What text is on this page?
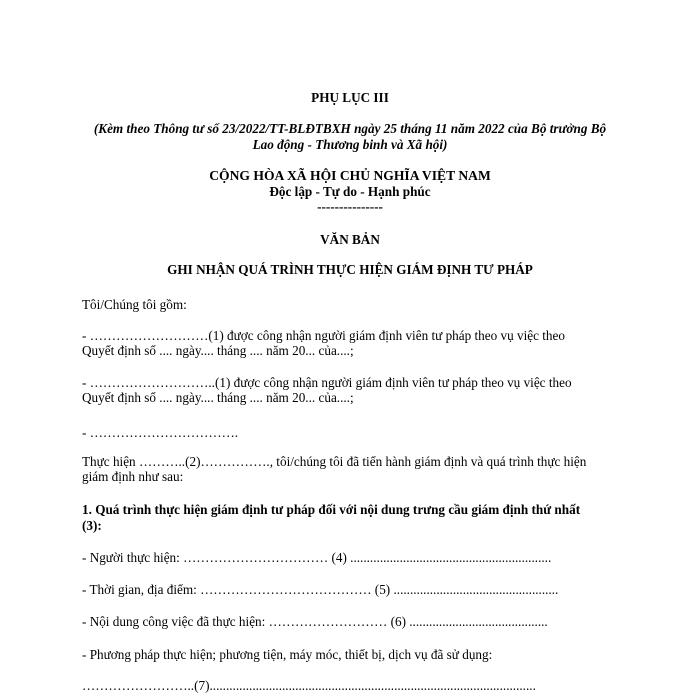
PHỤ LỤC III
(Kèm theo Thông tư số 23/2022/TT-BLĐTBXH ngày 25 tháng 11 năm 2022 của Bộ trưởng Bộ
Lao động - Thương binh và Xã hội)
CỘNG HÒA XÃ HỘI CHỦ NGHĨA VIỆT NAM
Độc lập - Tự do - Hạnh phúc
---------------
VĂN BẢN
GHI NHẬN QUÁ TRÌNH THỰC HIỆN GIÁM ĐỊNH TƯ PHÁP
Tôi/Chúng tôi gồm:
- ………………………(1) được công nhận người giám định viên tư pháp theo vụ việc theo
Quyết định số .... ngày.... tháng .... năm 20... của....;
- ………………………..(1) được công nhận người giám định viên tư pháp theo vụ việc theo
Quyết định số .... ngày.... tháng .... năm 20... của....;
- …………………………….
Thực hiện ………..(2)……………., tôi/chúng tôi đã tiến hành giám định và quá trình thực hiện
giám định như sau:
1. Quá trình thực hiện giám định tư pháp đối với nội dung trưng cầu giám định thứ nhất
(3):
- Người thực hiện: …………………………… (4) .............................................................
- Thời gian, địa điểm: ………………………………… (5) ..................................................
- Nội dung công việc đã thực hiện: ……………………… (6) ..........................................
- Phương pháp thực hiện; phương tiện, máy móc, thiết bị, dịch vụ đã sử dụng:
……………………..(7)...................................................................................................
